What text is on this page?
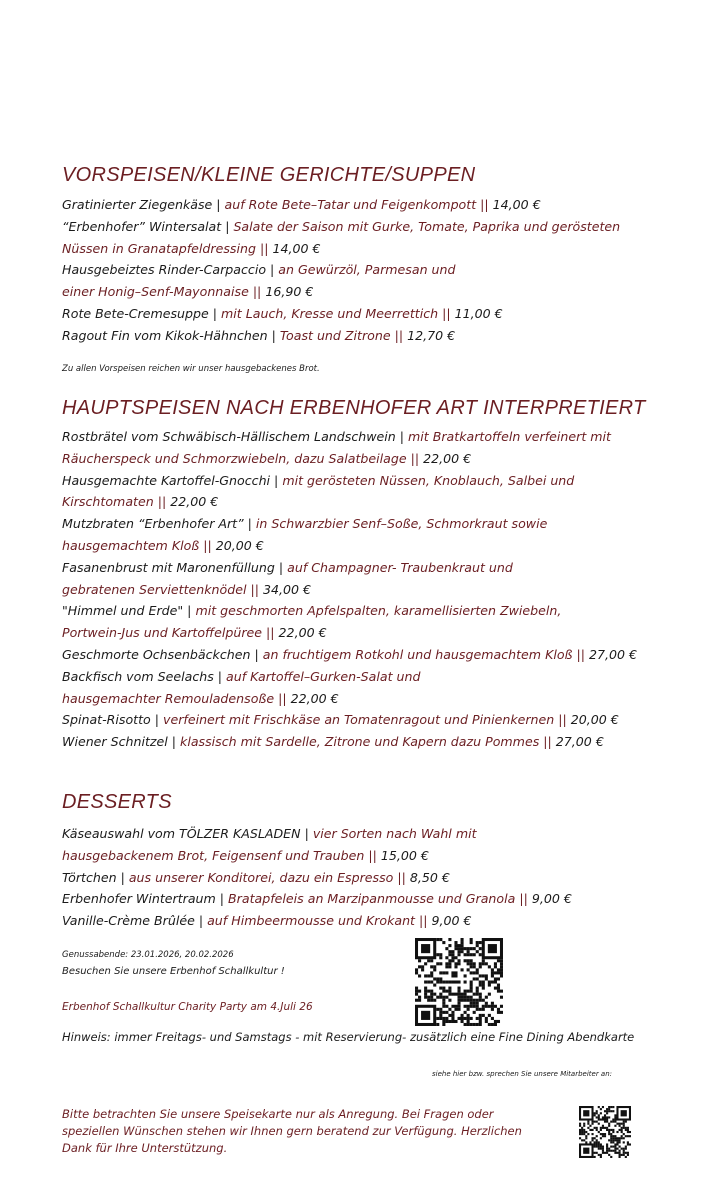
VORSPEISEN/KLEINE GERICHTE/SUPPEN

Gratinierter Ziegenkäse | auf Rote Bete–Tatar und Feigenkompott || 14,00 €

“Erbenhofer” Wintersalat | Salate der Saison mit Gurke, Tomate, Paprika und gerösteten

Nüssen in Granatapfeldressing || 14,00 €

Hausgebeiztes Rinder-Carpaccio | an Gewürzöl, Parmesan und

einer Honig–Senf-Mayonnaise || 16,90 €

Rote Bete-Cremesuppe | mit Lauch, Kresse und Meerrettich || 11,00 €

Ragout Fin vom Kikok-Hähnchen | Toast und Zitrone || 12,70 €

Zu allen Vorspeisen reichen wir unser hausgebackenes Brot.
HAUPTSPEISEN NACH ERBENHOFER ART INTERPRETIERT

Rostbrätel vom Schwäbisch-Hällischem Landschwein | mit Bratkartoffeln verfeinert mit

Räucherspeck und Schmorzwiebeln, dazu Salatbeilage || 22,00 €

Hausgemachte Kartoffel-Gnocchi | mit gerösteten Nüssen, Knoblauch, Salbei und

Kirschtomaten || 22,00 €

Mutzbraten “Erbenhofer Art” | in Schwarzbier Senf–Soße, Schmorkraut sowie

hausgemachtem Kloß || 20,00 €

Fasanenbrust mit Maronenfüllung | auf Champagner- Traubenkraut und

gebratenen Serviettenknödel || 34,00 €

"Himmel und Erde" | mit geschmorten Apfelspalten, karamellisierten Zwiebeln,

Portwein-Jus und Kartoffelpüree || 22,00 €

Geschmorte Ochsenbäckchen | an fruchtigem Rotkohl und hausgemachtem Kloß || 27,00 €

Backfisch vom Seelachs | auf Kartoffel–Gurken-Salat und

hausgemachter Remouladensoße || 22,00 €

Spinat-Risotto | verfeinert mit Frischkäse an Tomatenragout und Pinienkernen || 20,00 €

Wiener Schnitzel | klassisch mit Sardelle, Zitrone und Kapern dazu Pommes || 27,00 €

DESSERTS

Käseauswahl vom TÖLZER KASLADEN | vier Sorten nach Wahl mit

hausgebackenem Brot, Feigensenf und Trauben || 15,00 €

Törtchen | aus unserer Konditorei, dazu ein Espresso || 8,50 €

Erbenhofer Wintertraum | Bratapfeleis an Marzipanmousse und Granola || 9,00 €

Vanille-Crème Brûlée | auf Himbeermousse und Krokant || 9,00 €

Genussabende: 23.01.2026, 20.02.2026
Besuchen Sie unsere Erbenhof Schallkultur !
Erbenhof Schallkultur Charity Party am 4.Juli 26
Hinweis: immer Freitags- und Samstags - mit Reservierung- zusätzlich eine Fine Dining Abendkarte
siehe hier bzw. sprechen Sie unsere Mitarbeiter an:

Bitte betrachten Sie unsere Speisekarte nur als Anregung. Bei Fragen oder speziellen Wünschen stehen wir Ihnen gern beratend zur Verfügung. Herzlichen Dank für Ihre Unterstützung.
